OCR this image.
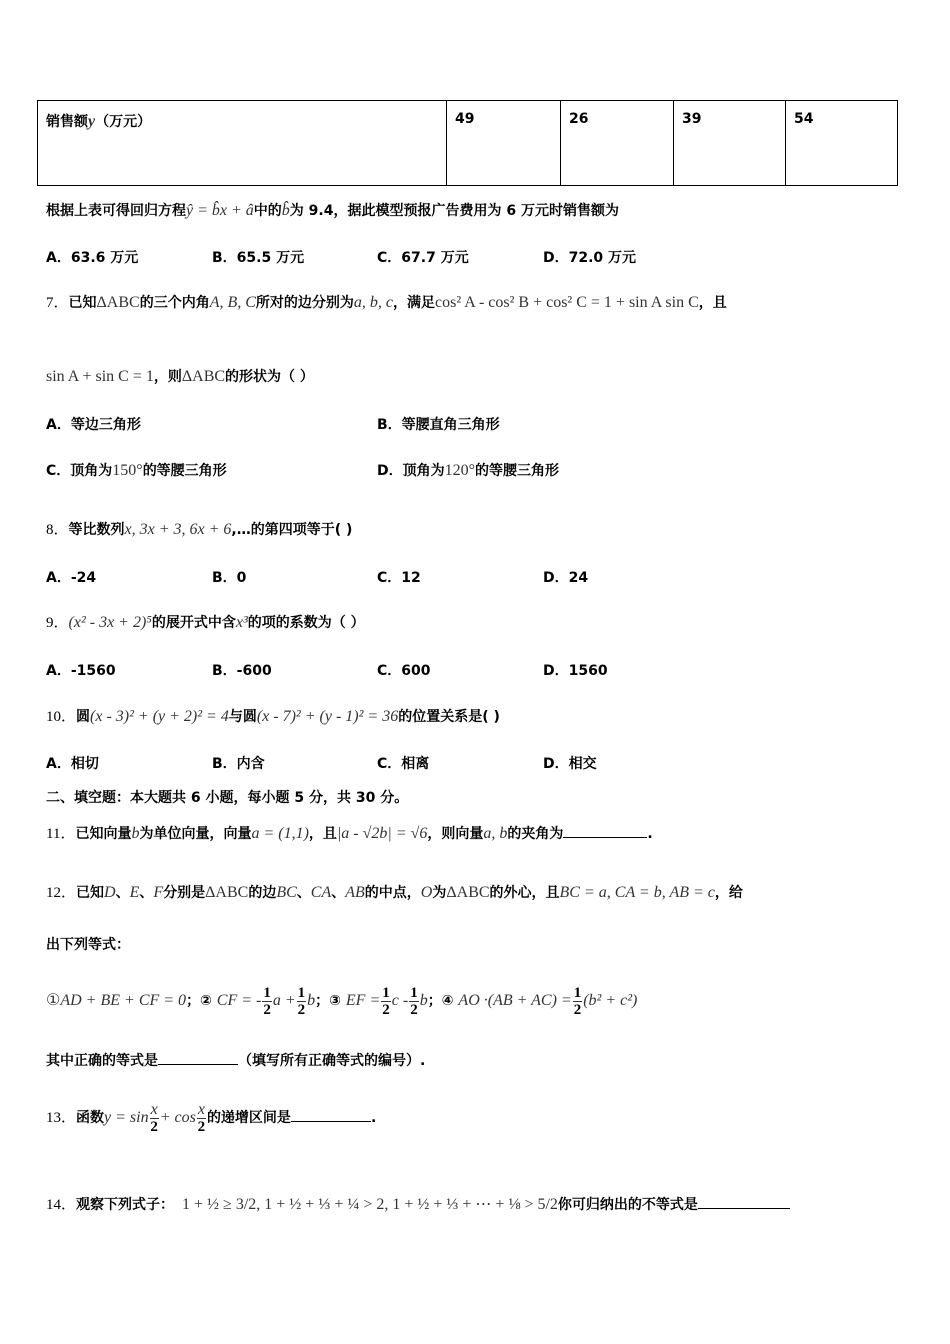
销售额y（万元）	49	26	39	54
根据上表可得回归方程ŷ = b̂x + â中的b̂为 9.4，据此模型预报广告费用为 6 万元时销售额为
A．63.6 万元	B．65.5 万元	C．67.7 万元	D．72.0 万元
7．已知ΔABC的三个内角A, B, C所对的边分别为a, b, c，满足cos² A - cos² B + cos² C = 1 + sin A sin C，且
sin A + sin C = 1，则ΔABC的形状为（ ）
A．等边三角形	B．等腰直角三角形
C．顶角为150°的等腰三角形	D．顶角为120°的等腰三角形
8．等比数列x, 3x + 3, 6x + 6,…的第四项等于( )
A．-24	B．0	C．12	D．24
9．(x² - 3x + 2)⁵的展开式中含x³的项的系数为（ ）
A．-1560	B．-600	C．600	D．1560
10．圆(x - 3)² + (y + 2)² = 4与圆(x - 7)² + (y - 1)² = 36的位置关系是( )
A．相切	B．内含	C．相离	D．相交
二、填空题：本大题共 6 小题，每小题 5 分，共 30 分。
11．已知向量b为单位向量，向量a = (1,1)，且|a - √2b| = √6，则向量a, b的夹角为	.
12．已知D、E、F分别是ΔABC的边BC、CA、AB的中点，O为ΔABC的外心，且BC = a, CA = b, AB = c，给
出下列等式：
①AD + BE + CF = 0；② CF = - $\frac{1}{2}$ $a + \frac{1}{2}$ b；③ EF = $\frac{1}{2}$ c - $\frac{1}{2}$ b；④ AO $\cdot(AB + AC) = \frac{1}{2} (b^2 + c^2)$
其中正确的等式是	（填写所有正确等式的编号）.
13．函数$y = \sin \frac{x}{2} + \cos \frac{x}{2}$ 的递增区间是	.
14．观察下列式子： 1 + ½ ≥ 3/2, 1 + ½ + ⅓ + ¼ > 2, 1 + ½ + ⅓ + ⋯ + ⅛ > 5/2你可归纳出的不等式是
